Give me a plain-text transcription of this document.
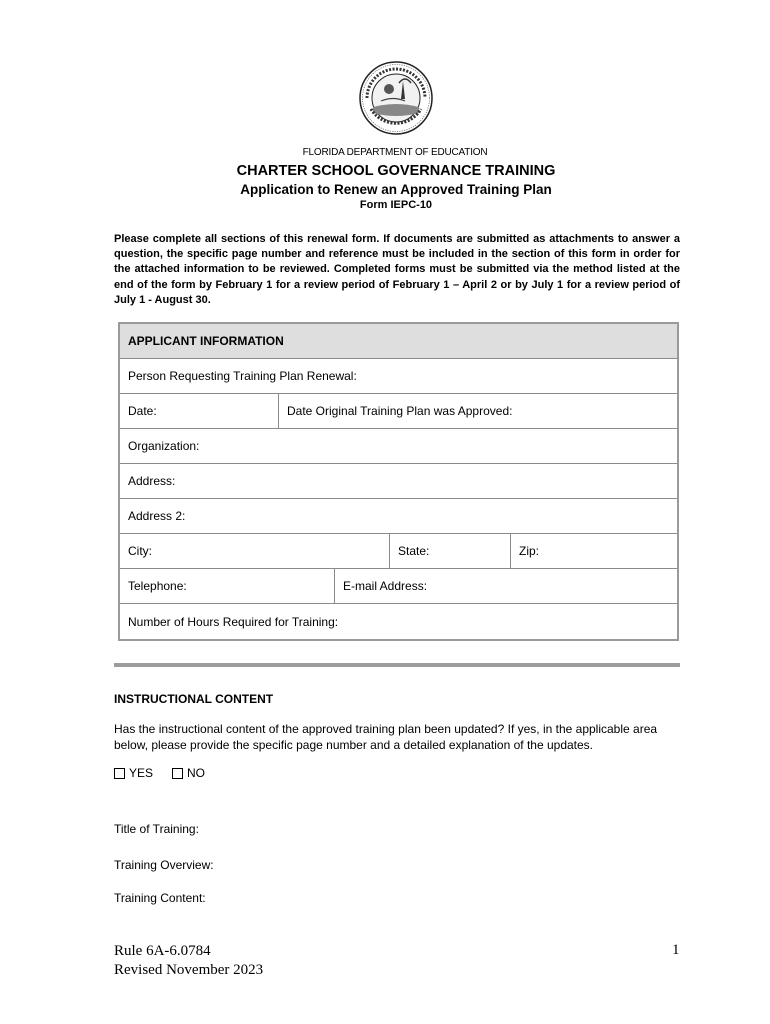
FLORIDA DEPARTMENT OF EDUCATION
CHARTER SCHOOL GOVERNANCE TRAINING
Application to Renew an Approved Training Plan
Form IEPC-10
Please complete all sections of this renewal form. If documents are submitted as attachments to answer a question, the specific page number and reference must be included in the section of this form in order for the attached information to be reviewed. Completed forms must be submitted via the method listed at the end of the form by February 1 for a review period of February 1 – April 2 or by July 1 for a review period of July 1 - August 30.
APPLICANT INFORMATION
Person Requesting Training Plan Renewal:
Date:	Date Original Training Plan was Approved:
Organization:
Address:
Address 2:
City:	State:	Zip:
Telephone:	E-mail Address:
Number of Hours Required for Training:
INSTRUCTIONAL CONTENT
Has the instructional content of the approved training plan been updated? If yes, in the applicable area below, please provide the specific page number and a detailed explanation of the updates.
YES	NO
Title of Training:
Training Overview:
Training Content:
Rule 6A-6.0784
Revised November 2023
1
